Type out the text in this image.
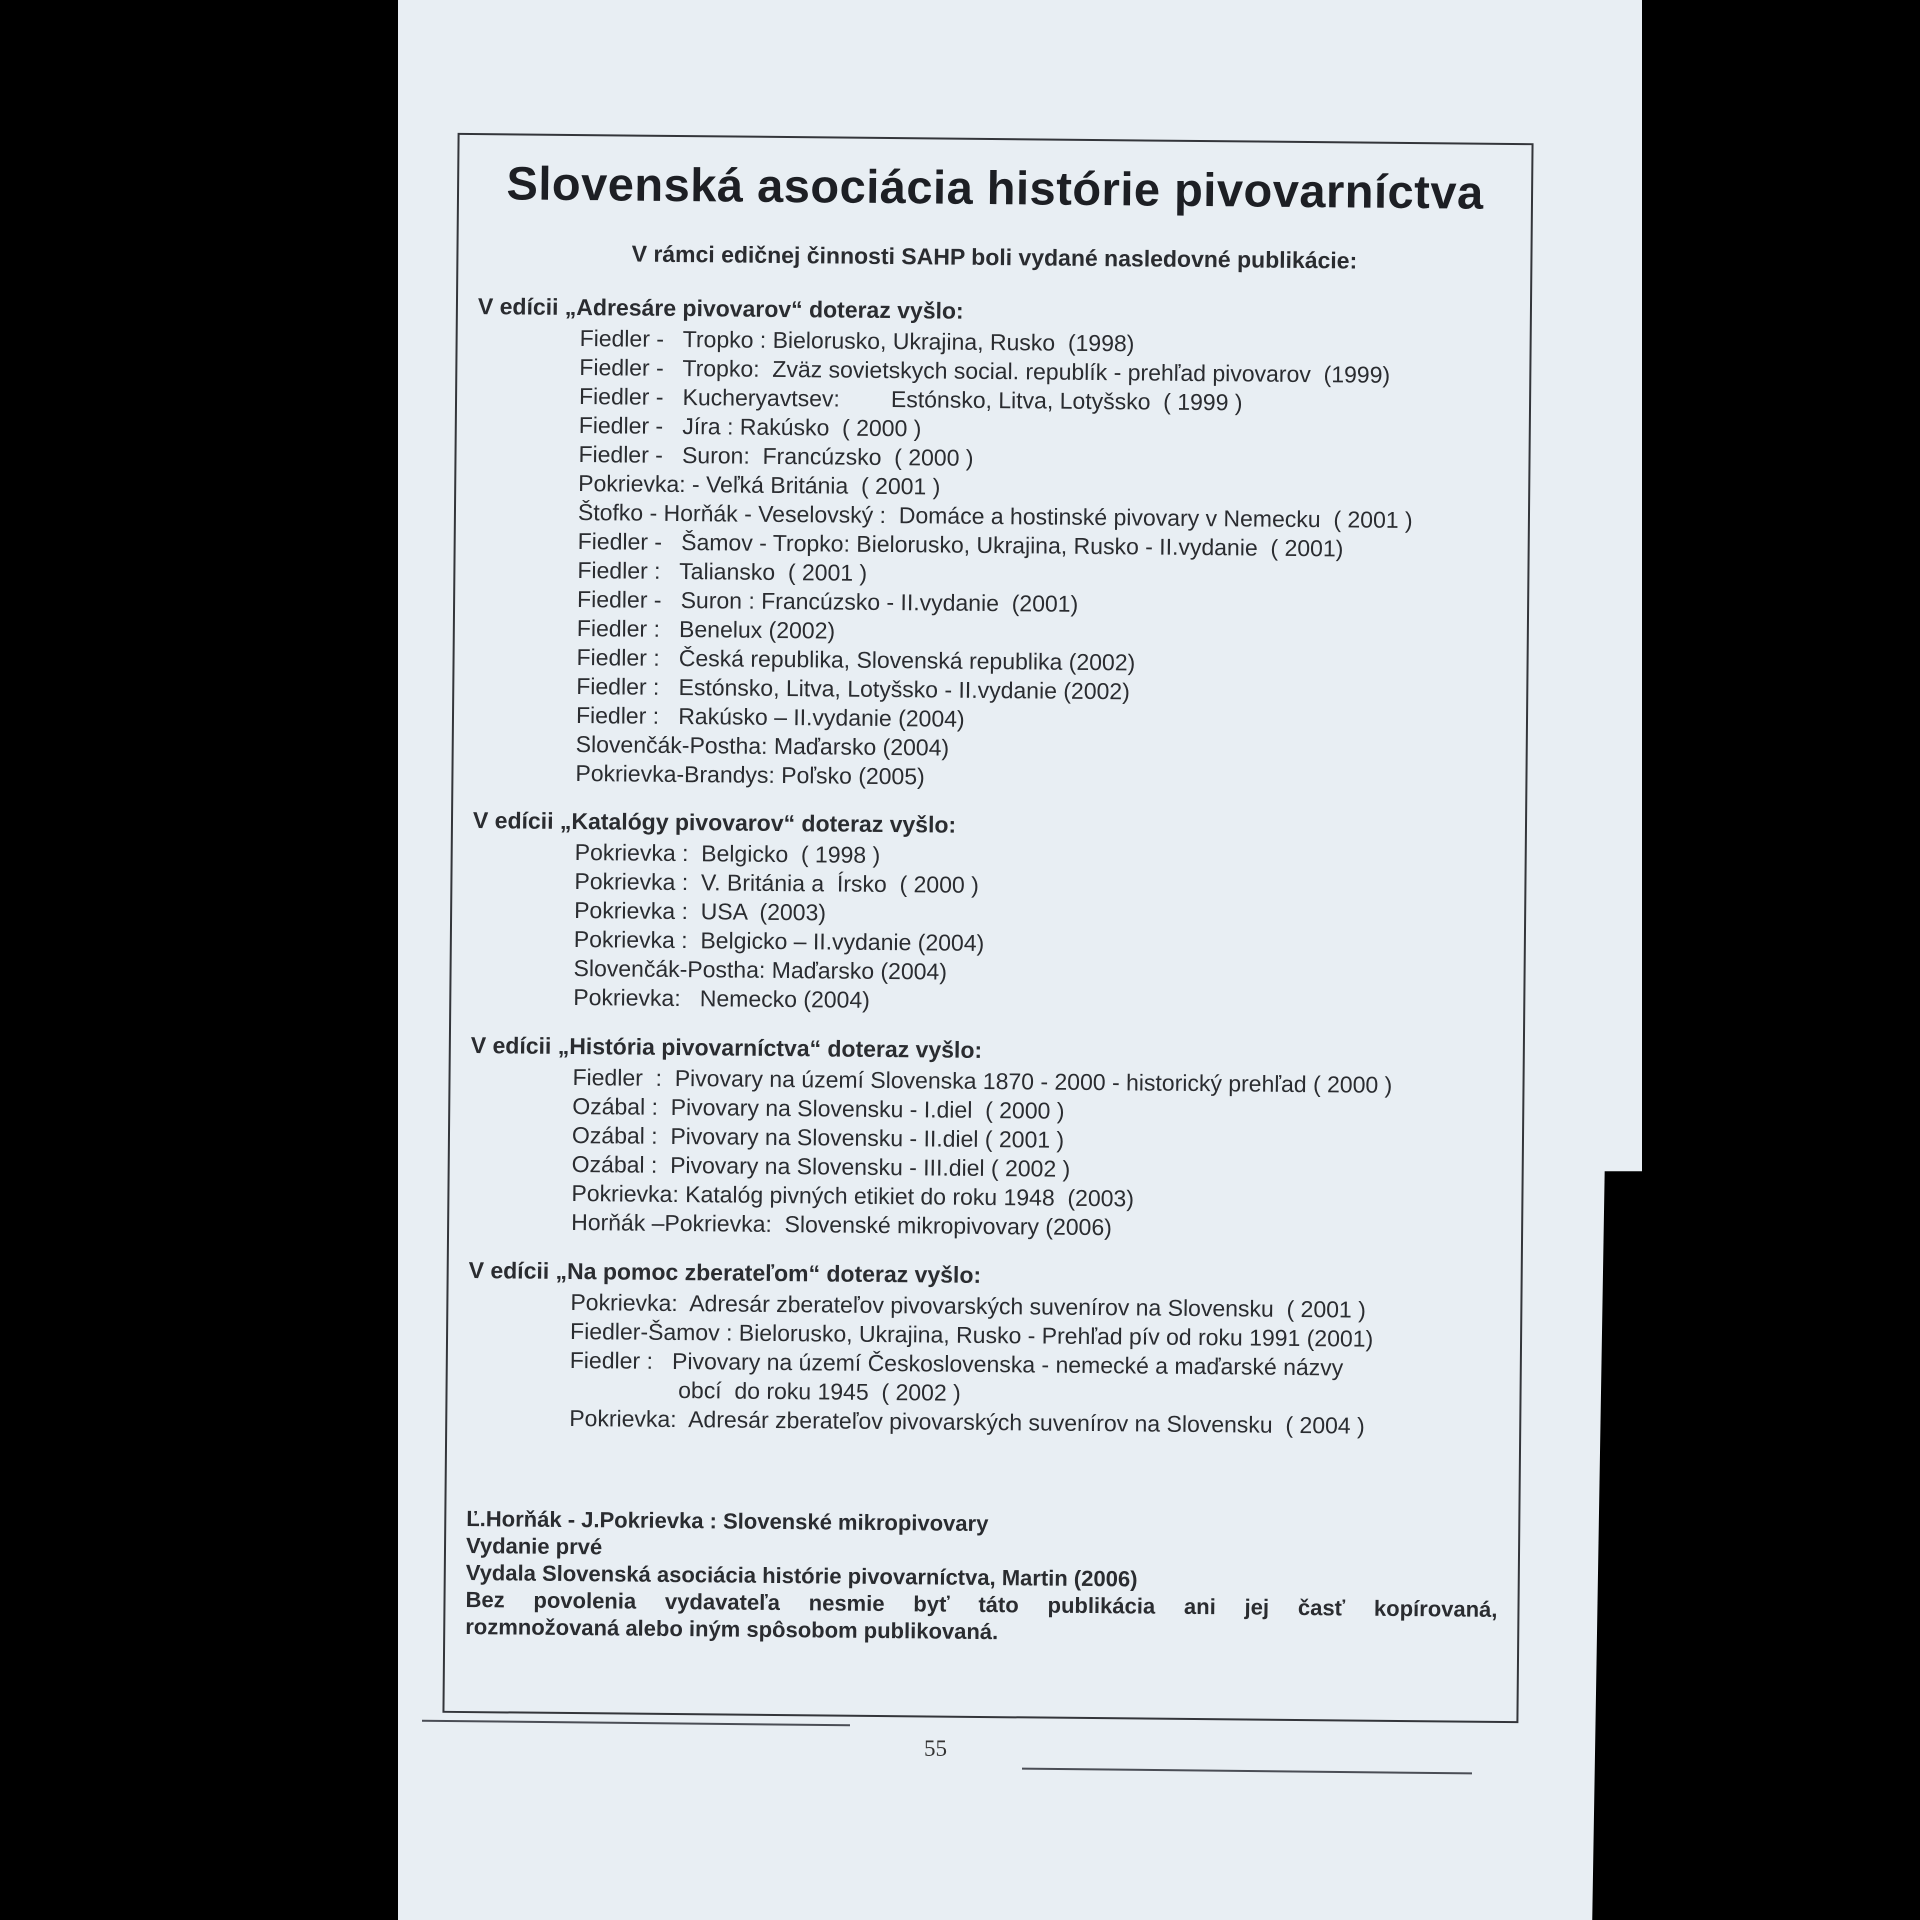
Slovenská asociácia histórie pivovarníctva
V rámci edičnej činnosti SAHP boli vydané nasledovné publikácie:
V edícii „Adresáre pivovarov“ doteraz vyšlo:
Fiedler -   Tropko : Bielorusko, Ukrajina, Rusko  (1998)
Fiedler -   Tropko:  Zväz sovietskych social. republík - prehľad pivovarov  (1999)
Fiedler -   Kucheryavtsev:        Estónsko, Litva, Lotyšsko  ( 1999 )
Fiedler -   Jíra : Rakúsko  ( 2000 )
Fiedler -   Suron:  Francúzsko  ( 2000 )
Pokrievka: - Veľká Británia  ( 2001 )
Štofko - Horňák - Veselovský :  Domáce a hostinské pivovary v Nemecku  ( 2001 )
Fiedler -   Šamov - Tropko: Bielorusko, Ukrajina, Rusko - II.vydanie  ( 2001)
Fiedler :   Taliansko  ( 2001 )
Fiedler -   Suron : Francúzsko - II.vydanie  (2001)
Fiedler :   Benelux (2002)
Fiedler :   Česká republika, Slovenská republika (2002)
Fiedler :   Estónsko, Litva, Lotyšsko - II.vydanie (2002)
Fiedler :   Rakúsko – II.vydanie (2004)
Slovenčák-Postha: Maďarsko (2004)
Pokrievka-Brandys: Poľsko (2005)
V edícii „Katalógy pivovarov“ doteraz vyšlo:
Pokrievka :  Belgicko  ( 1998 )
Pokrievka :  V. Británia a  Írsko  ( 2000 )
Pokrievka :  USA  (2003)
Pokrievka :  Belgicko – II.vydanie (2004)
Slovenčák-Postha: Maďarsko (2004)
Pokrievka:   Nemecko (2004)
V edícii „História pivovarníctva“ doteraz vyšlo:
Fiedler  :  Pivovary na území Slovenska 1870 - 2000 - historický prehľad ( 2000 )
Ozábal :  Pivovary na Slovensku - I.diel  ( 2000 )
Ozábal :  Pivovary na Slovensku - II.diel ( 2001 )
Ozábal :  Pivovary na Slovensku - III.diel ( 2002 )
Pokrievka: Katalóg pivných etikiet do roku 1948  (2003)
Horňák –Pokrievka:  Slovenské mikropivovary (2006)
V edícii „Na pomoc zberateľom“ doteraz vyšlo:
Pokrievka:  Adresár zberateľov pivovarských suvenírov na Slovensku  ( 2001 )
Fiedler-Šamov : Bielorusko, Ukrajina, Rusko - Prehľad pív od roku 1991 (2001)
Fiedler :   Pivovary na území Československa - nemecké a maďarské názvy
obcí  do roku 1945  ( 2002 )
Pokrievka:  Adresár zberateľov pivovarských suvenírov na Slovensku  ( 2004 )
Ľ.Horňák - J.Pokrievka : Slovenské mikropivovary
Vydanie prvé
Vydala Slovenská asociácia histórie pivovarníctva, Martin (2006)
Bez povolenia vydavateľa nesmie byť táto publikácia ani jej časť kopírovaná,
rozmnožovaná alebo iným spôsobom publikovaná.
55
